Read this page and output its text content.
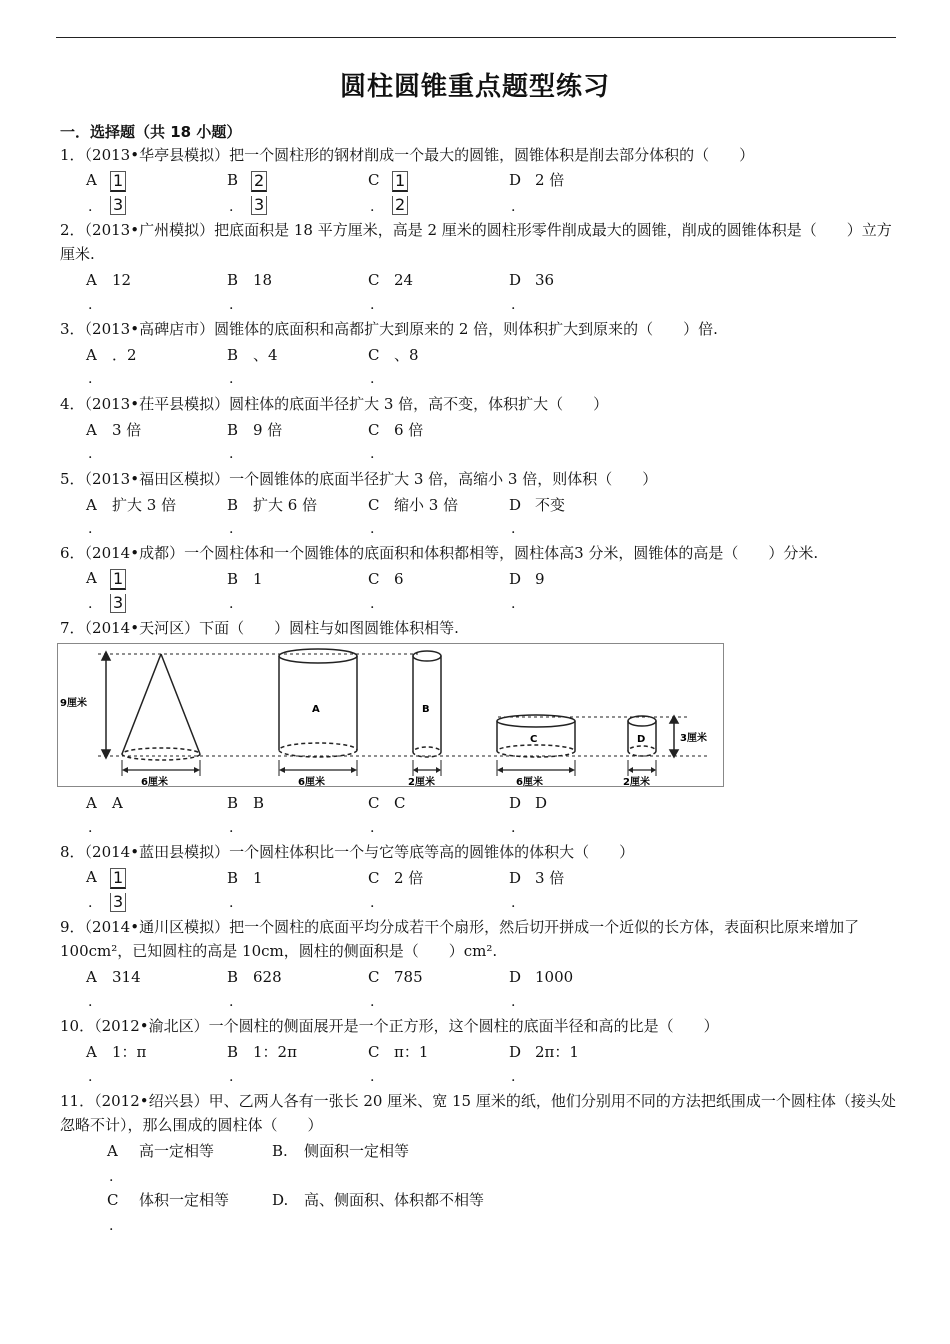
圆柱圆锥重点题型练习
一．选择题（共 18 小题）
1．（2013•华亭县模拟）把一个圆柱形的钢材削成一个最大的圆锥，圆锥体积是削去部分体积的（　　）
A $\frac{1}{3}$	B $\frac{2}{3}$	C $\frac{1}{2}$	D 2 倍
.	.	.	.
2．（2013•广州模拟）把底面积是 18 平方厘米，高是 2 厘米的圆柱形零件削成最大的圆锥，削成的圆锥体积是（　　）立方厘米.
A 12	B 18	C 24	D 36
.	.	.	.
3．（2013•高碑店市）圆锥体的底面积和高都扩大到原来的 2 倍，则体积扩大到原来的（　　）倍.
A ．2	B 、4	C 、8
.	.	.
4．（2013•茌平县模拟）圆柱体的底面半径扩大 3 倍，高不变，体积扩大（　　）
A 3 倍	B 9 倍	C 6 倍
.	.	.
5．（2013•福田区模拟）一个圆锥体的底面半径扩大 3 倍，高缩小 3 倍，则体积（　　）
A 扩大 3 倍	B 扩大 6 倍	C 缩小 3 倍	D 不变
.	.	.	.
6．（2014•成都）一个圆柱体和一个圆锥体的底面积和体积都相等，圆柱体高3 分米，圆锥体的高是（　　）分米.
A $\frac{1}{3}$	B 1	C 6	D 9
.	.	.	.
7．（2014•天河区）下面（　　）圆柱与如图圆锥体积相等.
9厘米
3厘米
A	B
C	D
6厘米	6厘米	2厘米	6厘米	2厘米
A A	B B	C C	D D
.	.	.	.
8．（2014•蓝田县模拟）一个圆柱体积比一个与它等底等高的圆锥体的体积大（　　）
A $\frac{1}{3}$	B 1	C 2 倍	D 3 倍
.	.	.	.
9．（2014•通川区模拟）把一个圆柱的底面平均分成若干个扇形，然后切开拼成一个近似的长方体，表面积比原来增加了 100cm²，已知圆柱的高是 10cm，圆柱的侧面积是（　　）cm².
A 314	B 628	C 785	D 1000
.	.	.	.
10．（2012•渝北区）一个圆柱的侧面展开是一个正方形，这个圆柱的底面半径和高的比是（　　）
A 1：π	B 1：2π	C π：1	D 2π：1
.	.	.	.
11．（2012•绍兴县）甲、乙两人各有一张长 20 厘米、宽 15 厘米的纸，他们分别用不同的方法把纸围成一个圆柱体（接头处忽略不计），那么围成的圆柱体（　　）
A 高一定相等	B. 侧面积一定相等
.
C 体积一定相等	D. 高、侧面积、体积都不相等
.
